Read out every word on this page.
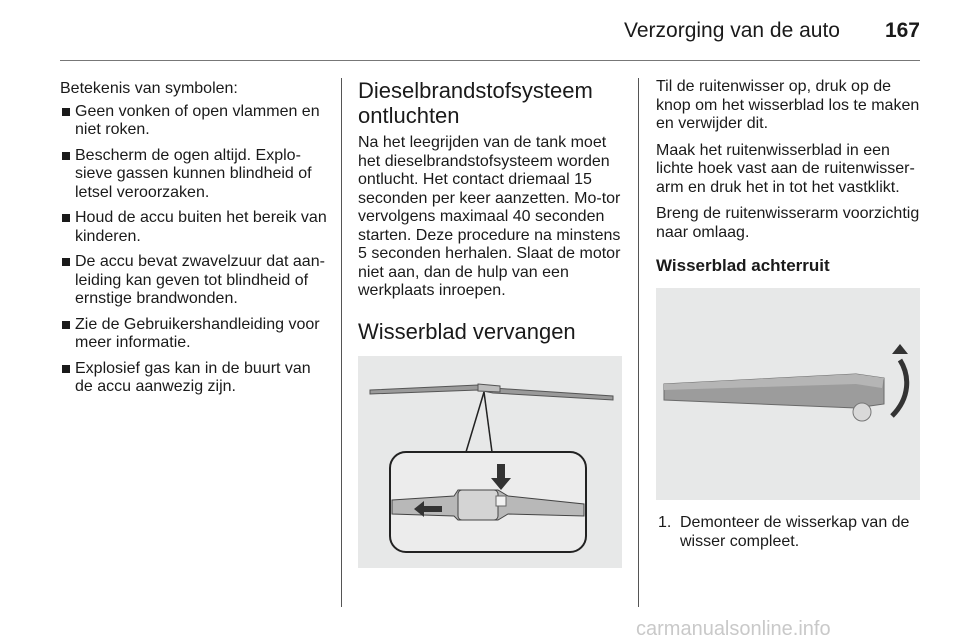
Verzorging van de auto	167

Betekenis van symbolen:

Geen vonken of open vlammen en niet roken.
Bescherm de ogen altijd. Explo-sieve gassen kunnen blindheid of letsel veroorzaken.
Houd de accu buiten het bereik van kinderen.
De accu bevat zwavelzuur dat aan-leiding kan geven tot blindheid of ernstige brandwonden.
Zie de Gebruikershandleiding voor meer informatie.
Explosief gas kan in de buurt van de accu aanwezig zijn.
Dieselbrandstofsysteem ontluchten

Na het leegrijden van de tank moet het dieselbrandstofsysteem worden ontlucht. Het contact driemaal 15 seconden per keer aanzetten. Mo-tor vervolgens maximaal 40 seconden starten. Deze procedure na minstens 5 seconden herhalen. Slaat de motor niet aan, dan de hulp van een werkplaats inroepen.

Wisserblad vervangen

Til de ruitenwisser op, druk op de knop om het wisserblad los te maken en verwijder dit.

Maak het ruitenwisserblad in een lichte hoek vast aan de ruitenwisser-arm en druk het in tot het vastklikt.

Breng de ruitenwisserarm voorzichtig naar omlaag.

Wisserblad achterruit
1. Demonteer de wisserkap van de wisser compleet.
carmanualsonline.info
